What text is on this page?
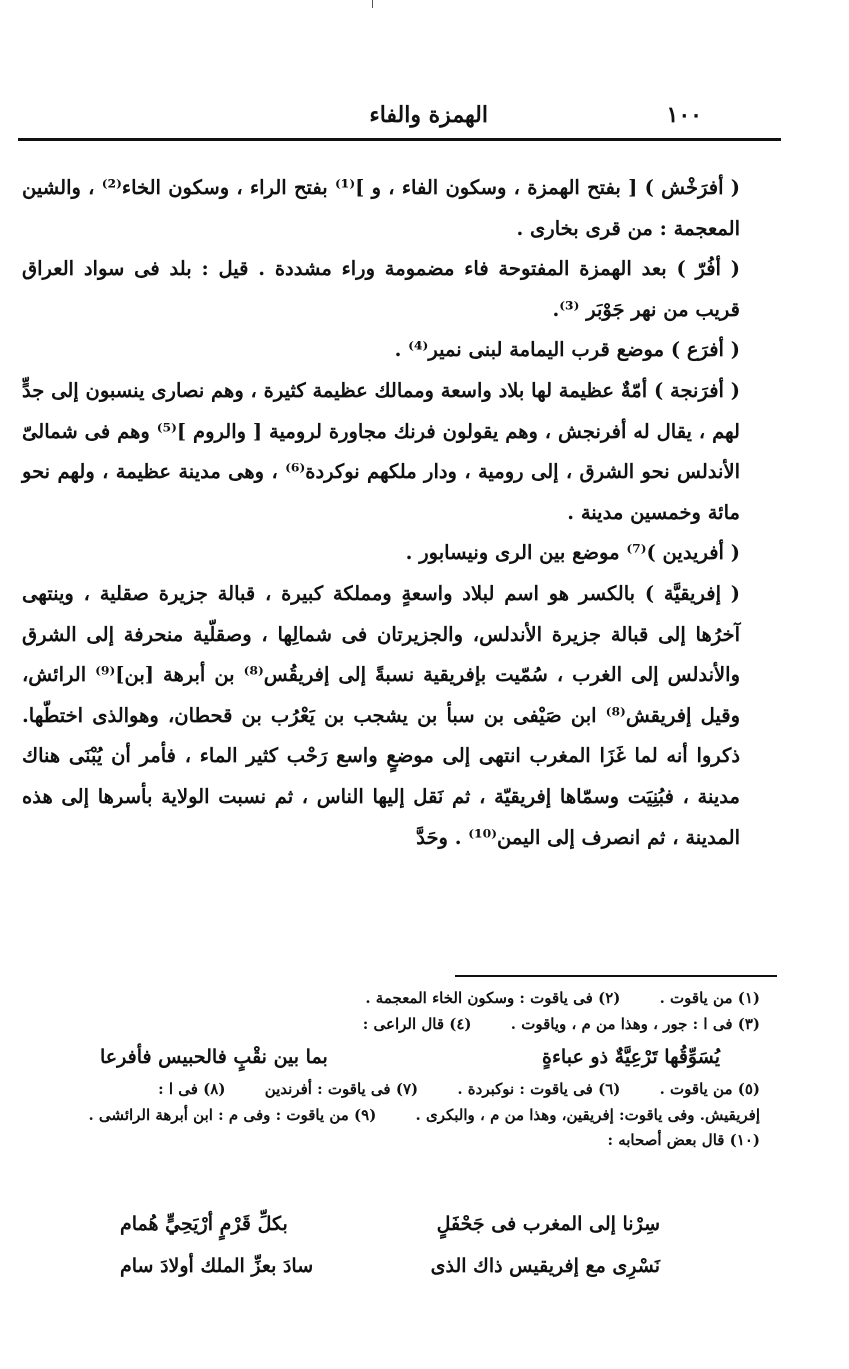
١٠٠
الهمزة والفاء

( أفرَخْش ) [ بفتح الهمزة ، وسكون الفاء ، و ]⁽¹⁾ بفتح الراء ، وسكون الخاء⁽²⁾ ، والشين المعجمة : من قرى بخارى .

( أفُرّ ) بعد الهمزة المفتوحة فاء مضمومة وراء مشددة . قيل : بلد فى سواد العراق قريب من نهر جَوْبَر ⁽³⁾.

( أفرَع ) موضع قرب اليمامة لبنى نمير⁽⁴⁾ .

( أفرَنجة ) أمّةٌ عظيمة لها بلاد واسعة وممالك عظيمة كثيرة ، وهم نصارى ينسبون إلى جدٍّ لهم ، يقال له أفرنجش ، وهم يقولون فرنك مجاورة لرومية [ والروم ]⁽⁵⁾ وهم فى شمالىّ الأندلس نحو الشرق ، إلى رومية ، ودار ملكهم نوكردة⁽⁶⁾ ، وهى مدينة عظيمة ، ولهم نحو مائة وخمسين مدينة .

( أفريدين )⁽⁷⁾ موضع بين الرى ونيسابور .

( إفريقيَّة ) بالكسر هو اسم لبلاد واسعةٍ ومملكة كبيرة ، قبالة جزيرة صقلية ، وينتهى آخرُها إلى قبالة جزيرة الأندلس، والجزيرتان فى شمالِها ، وصقلّية منحرفة إلى الشرق والأندلس إلى الغرب ، سُمّيت بإفريقية نسبةً إلى إفريقُس⁽⁸⁾ بن أبرهة [بن]⁽⁹⁾ الرائش، وقيل إفريقش⁽⁸⁾ ابن صَيْفى بن سبأ بن يشجب بن يَعْرُب بن قحطان، وهوالذى اختطّها. ذكروا أنه لما غَزَا المغرب انتهى إلى موضعٍ واسع رَحْب كثير الماء ، فأمر أن يُبْنَى هناك مدينة ، فبُنِيَت وسمّاها إفريقيّة ، ثم نَقل إليها الناس ، ثم نسبت الولاية بأسرها إلى هذه المدينة ، ثم انصرف إلى اليمن⁽¹⁰⁾ . وحَدَّ

(١) من ياقوت . (٢) فى ياقوت : وسكون الخاء المعجمة .
(٣) فى ا : جور ، وهذا من م ، وياقوت . (٤) قال الراعى :
يُسَوِّقُها تَرْعِيَّةٌ ذو عباءةٍ
بما بين نقْبٍ فالحبيس فأفرعا
(٥) من ياقوت . (٦) فى ياقوت : نوكبردة . (٧) فى ياقوت : أفرندين (٨) فى ا :
إفريقيش. وفى ياقوت: إفريقين، وهذا من م ، والبكرى . (٩) من ياقوت : وفى م : ابن أبرهة الرائشى .
(١٠) قال بعض أصحابه :
سِرْنا إلى المغرب فى جَحْفَلٍ
بكلِّ قَرْمٍ أرْيَحِيٍّ هُمام
نَسْرِى مع إفريقيس ذاك الذى
سادَ بعزِّ الملك أولادَ سام
